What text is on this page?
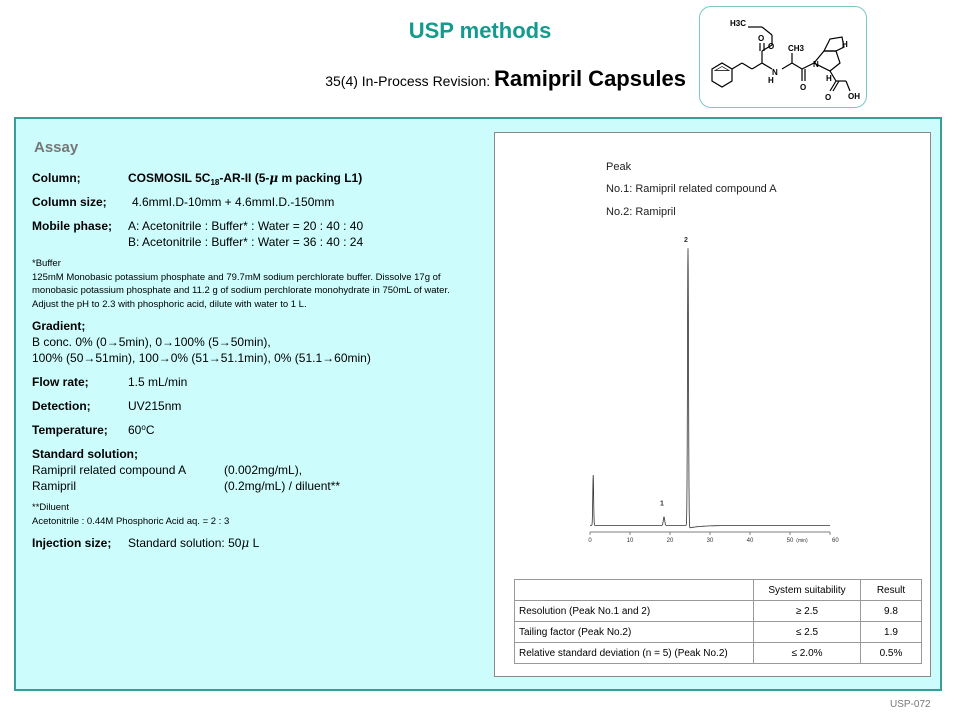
USP methods
35(4) In-Process Revision: Ramipril Capsules
H3C
O
O
CH3
H
N
H
O
N
H
O OH
Assay
Column;	COSMOSIL $5C_{18}-AR-II$ (5-μ m packing L1)
Column size; 4.6mmI.D-10mm + 4.6mmI.D.-150mm
Mobile phase; A: Acetonitrile : Buffer* : Water = 20 : 40 : 40
B: Acetonitrile : Buffer* : Water = 36 : 40 : 24
*Buffer
125mM Monobasic potassium phosphate and 79.7mM sodium perchlorate buffer. Dissolve 17g of monobasic potassium phosphate and 11.2 g of sodium perchlorate monohydrate in 750mL of water. Adjust the pH to 2.3 with phosphoric acid, dilute with water to 1 L.
Gradient;
B conc. 0% (0→5min), 0→100% (5→50min),
100% (50→51min), 100→0% (51→51.1min), 0% (51.1→60min)
Flow rate;	1.5 mL/min
Detection;	UV215nm
Temperature; 60$^o$C
Standard solution;
Ramipril related compound A	(0.002mg/mL),
Ramipril	(0.2mg/mL) / diluent**
**Diluent
Acetonitrile : 0.44M Phosphoric Acid aq. = 2 : 3
Injection size; Standard solution: 50μ L
Peak
No.1: Ramipril related compound A
No.2: Ramipril
0	10	20	30	40	50	60
(min)
1
2
	System suitability	Result
Resolution (Peak No.1 and 2)	≥ 2.5	9.8
Tailing factor (Peak No.2)	≤ 2.5	1.9
Relative standard deviation (n = 5) (Peak No.2)	≤ 2.0%	0.5%
USP-072
